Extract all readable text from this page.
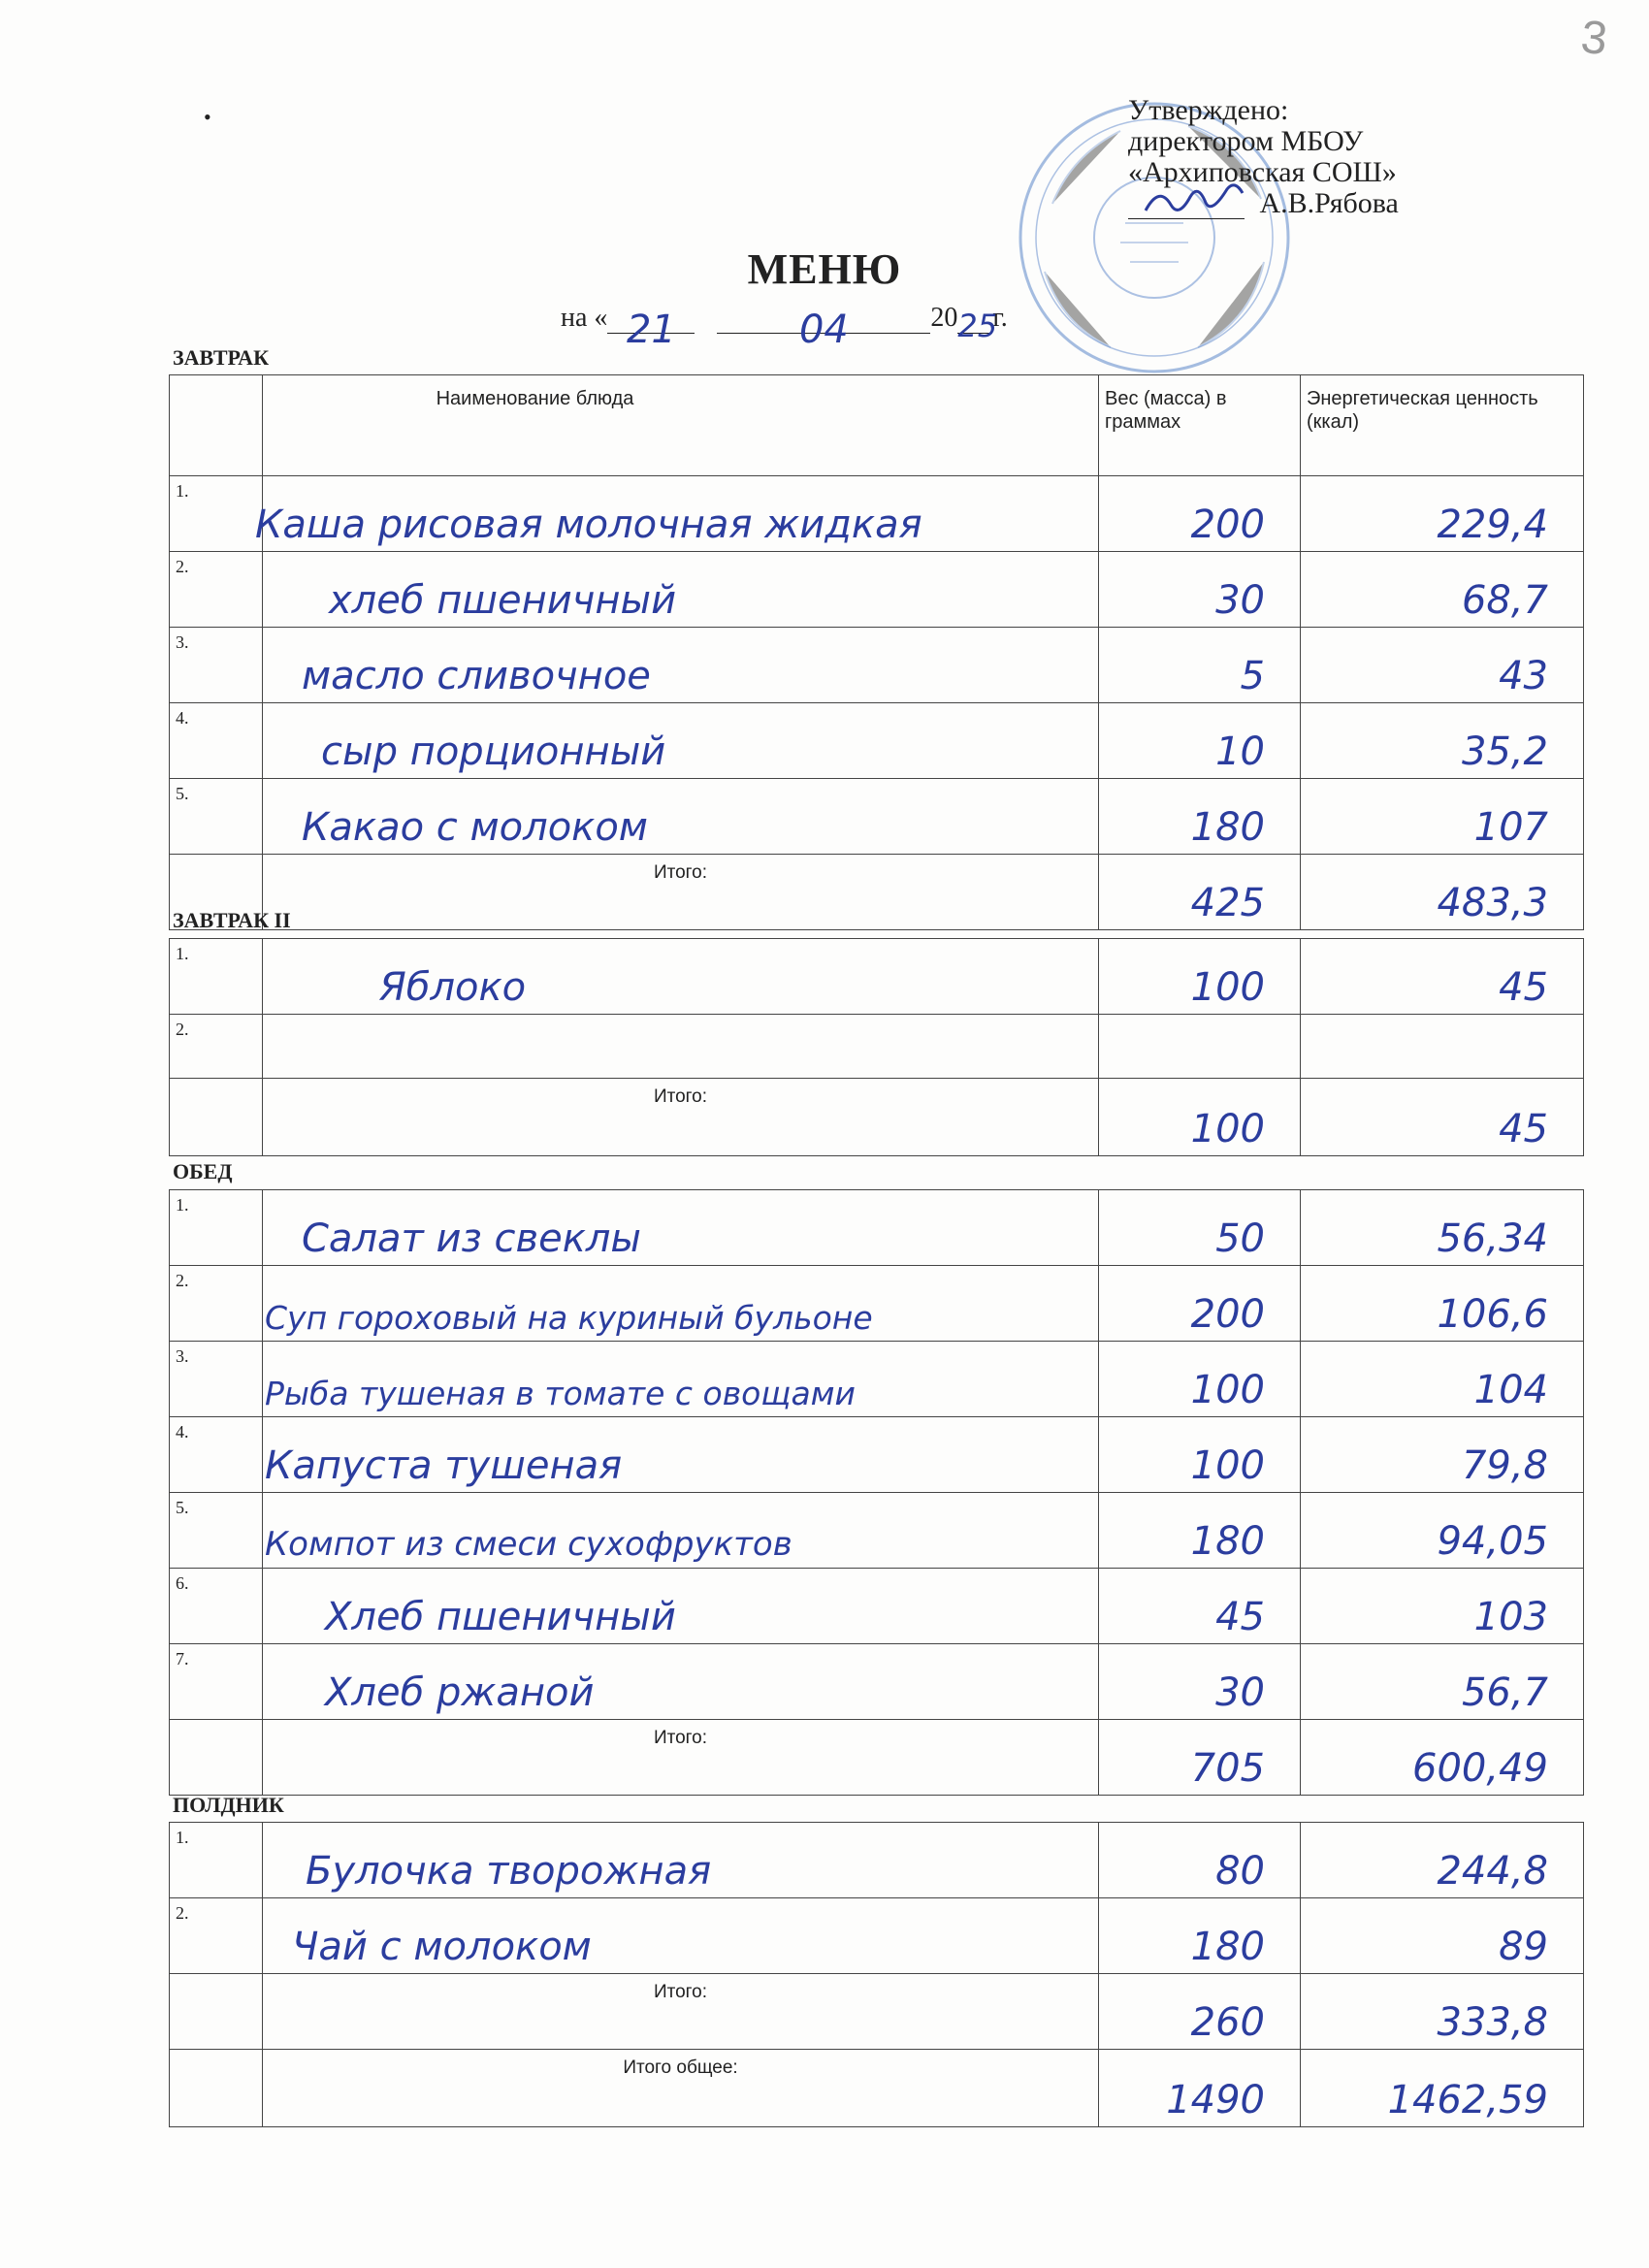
3
•	Утверждено:
директором МБОУ
«Архиповская СОШ»
А.В.Рябова
МЕНЮ
на « 21	04	2025г.
ЗАВТРАК

	Наименование блюда	Вес (масса) в граммах	Энергетическая ценность (ккал)

1.	Каша рисовая молочная жидкая	200	229,4

2.	хлеб пшеничный	30	68,7

3.	масло сливочное	5	43

4.	сыр порционный	10	35,2

5.	Какао с молоком	180	107

	Итого:	425	483,3
ЗАВТРАК II
1.	Яблоко	100	45

2.			

	Итого:	100	45
ОБЕД
1.	Салат из свеклы	50	56,34

2.	Суп гороховый на куриный бульоне	200	106,6

3.	Рыба тушеная в томате с овощами	100	104

4.	Капуста тушеная	100	79,8

5.	Компот из смеси сухофруктов	180	94,05

6.	Хлеб пшеничный	45	103

7.	Хлеб ржаной	30	56,7

	Итого:	705	600,49
ПОЛДНИК
1.	Булочка творожная	80	244,8

2.	Чай с молоком	180	89

	Итого:	260	333,8

	Итого общее:	1490	1462,59
